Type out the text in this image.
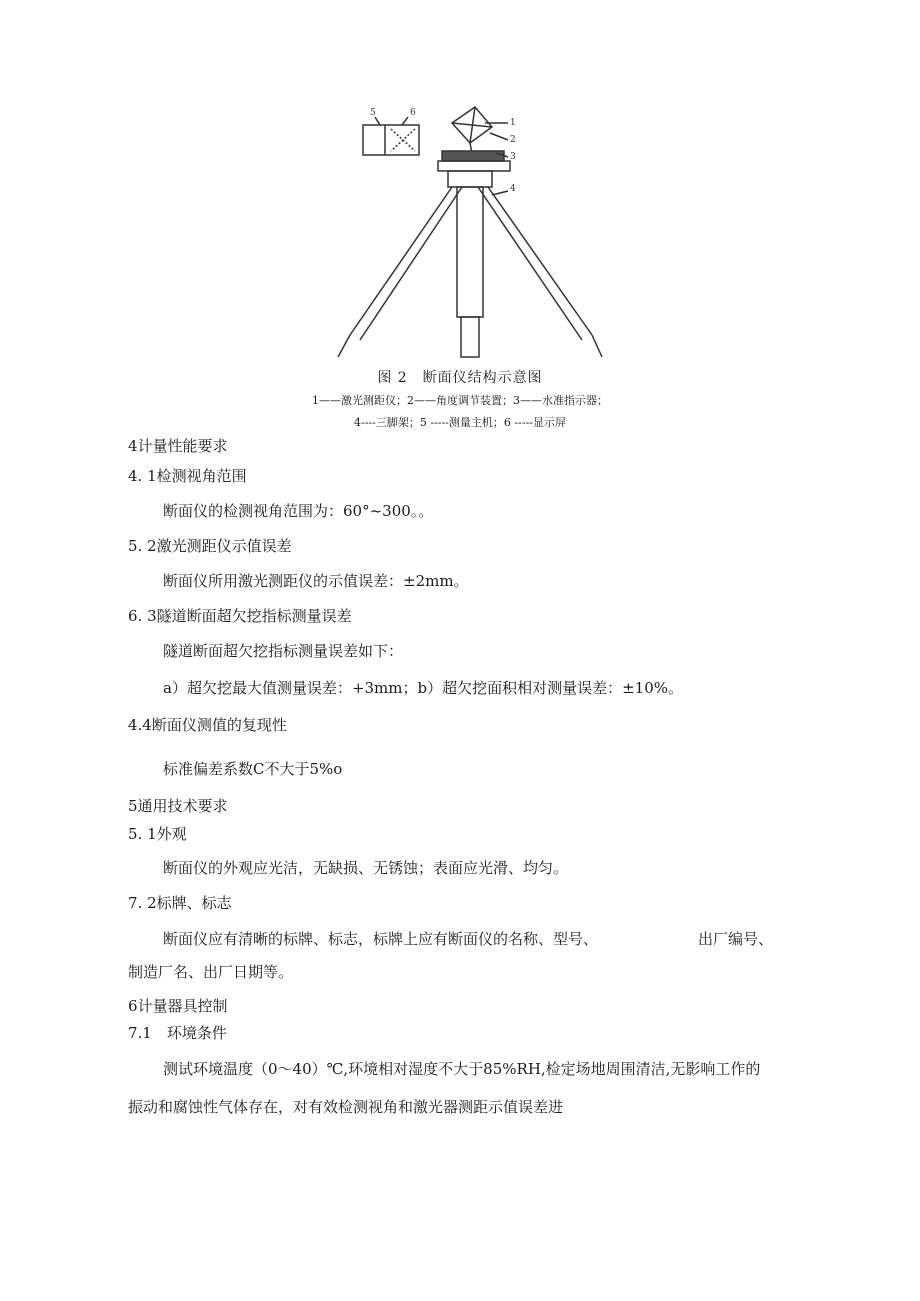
5	6
1
2
3
4
图 2　断面仪结构示意图
1——激光测距仪；2——角度调节装置；3——水准指示器；
4----三脚架；5 -----测量主机；6 -----显示屏
4计量性能要求
4. 1检测视角范围
断面仪的检测视角范围为：60°~300。。
5. 2激光测距仪示值误差
断面仪所用激光测距仪的示值误差：±2mm。
6. 3隧道断面超欠挖指标测量误差
隧道断面超欠挖指标测量误差如下：
a）超欠挖最大值测量误差：+3mm；b）超欠挖面积相对测量误差：±10%。
4.4断面仪测值的复现性
标准偏差系数C不大于5%o
5通用技术要求
5. 1外观
断面仪的外观应光洁，无缺损、无锈蚀；表面应光滑、均匀。
7. 2标牌、标志
断面仪应有清晰的标牌、标志，标牌上应有断面仪的名称、型号、	出厂编号、
制造厂名、出厂日期等。
6计量器具控制
7.1　环境条件
测试环境温度（0～40）℃,环境相对湿度不大于85%RH,检定场地周围清洁,无影响工作的
振动和腐蚀性气体存在，对有效检测视角和激光器测距示值误差进
